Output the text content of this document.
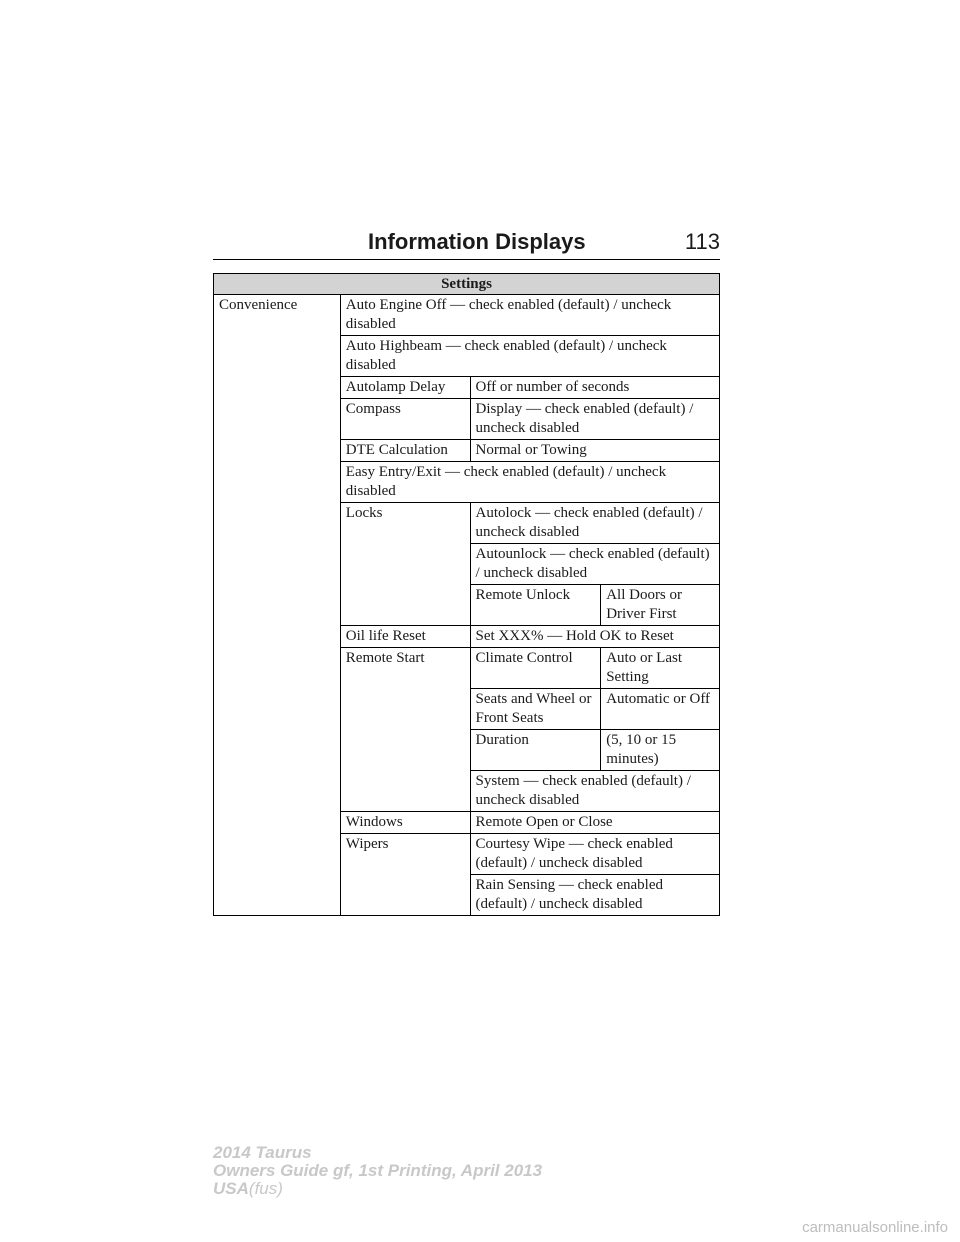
Information Displays	113
Settings			
Convenience	Auto Engine Off — check enabled (default) / uncheck disabled		
	Auto Highbeam — check enabled (default) / uncheck disabled		
	Autolamp Delay	Off or number of seconds	
	Compass	Display — check enabled (default) / uncheck disabled	
	DTE Calculation	Normal or Towing	
	Easy Entry/Exit — check enabled (default) / uncheck disabled		
	Locks	Autolock — check enabled (default) / uncheck disabled	
		Autounlock — check enabled (default) / uncheck disabled	
		Remote Unlock	All Doors or Driver First
	Oil life Reset	Set XXX% — Hold OK to Reset	
	Remote Start	Climate Control	Auto or Last Setting
		Seats and Wheel or Front Seats	Automatic or Off
		Duration	(5, 10 or 15 minutes)
		System — check enabled (default) / uncheck disabled	
	Windows	Remote Open or Close	
	Wipers	Courtesy Wipe — check enabled (default) / uncheck disabled	
		Rain Sensing — check enabled (default) / uncheck disabled	
2014 Taurus
Owners Guide gf, 1st Printing, April 2013
USA(fus)
carmanualsonline.info
